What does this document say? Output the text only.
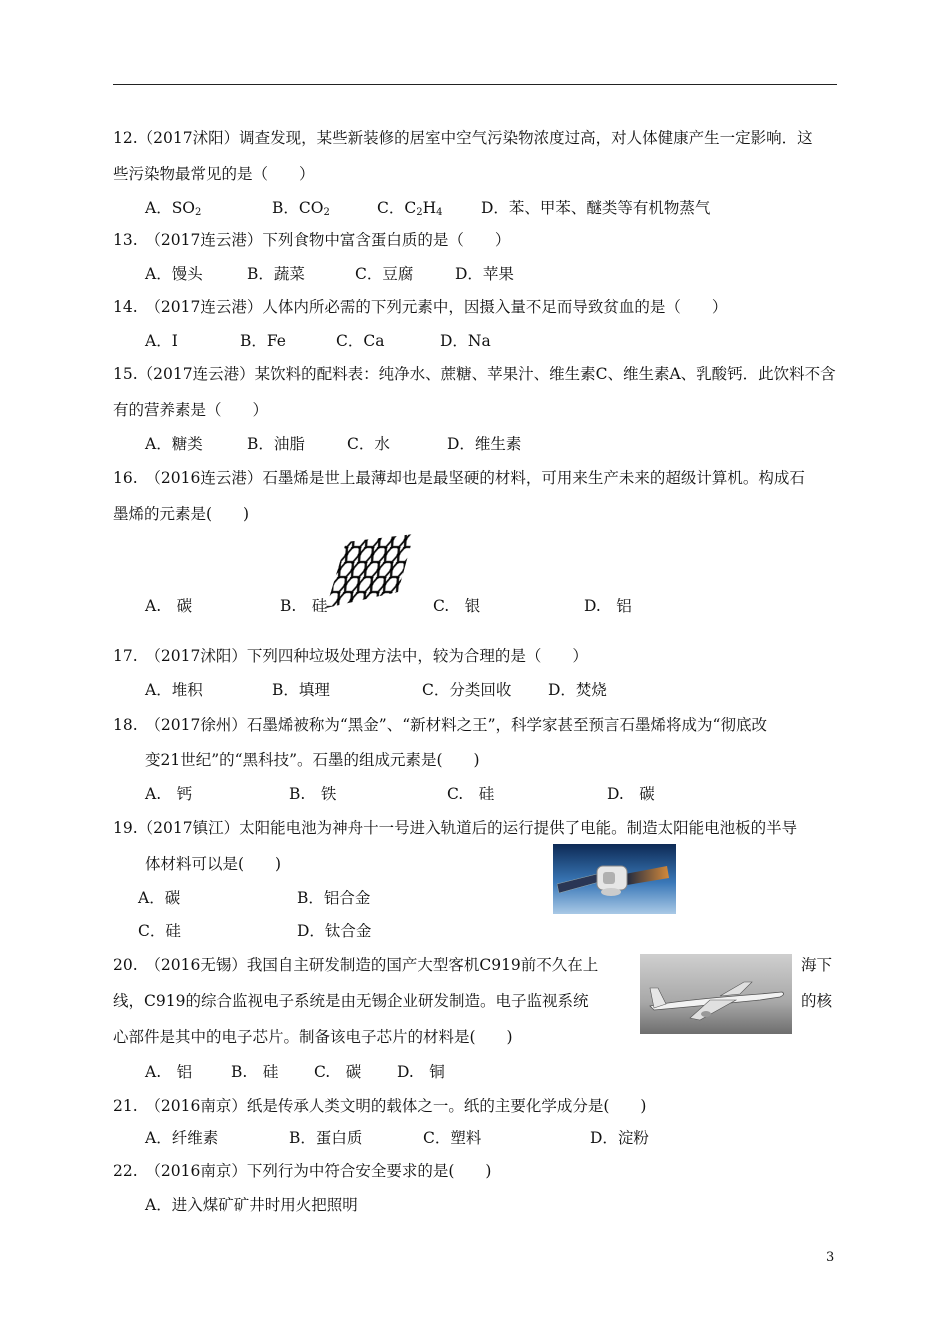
12.（2017沭阳）调查发现，某些新装修的居室中空气污染物浓度过高，对人体健康产生一定影响．这
些污染物最常见的是（　　）
A．$SO_2$	B．$CO_2$	C．$C_2H_4$ D．苯、甲苯、醚类等有机物蒸气
13.　（2017连云港）下列食物中富含蛋白质的是（　　）
A．馒头	B．蔬菜	C．豆腐	D．苹果
14.　（2017连云港）人体内所必需的下列元素中，因摄入量不足而导致贫血的是（　　）
A．I	B．Fe	C．Ca	D．Na
15.（2017连云港）某饮料的配料表：纯净水、蔗糖、苹果汁、维生素C、维生素A、乳酸钙．此饮料不含
有的营养素是（　　）
A．糖类	B．油脂	C．水	D．维生素
16.　（2016连云港）石墨烯是世上最薄却也是最坚硬的材料，可用来生产未来的超级计算机。构成石
墨烯的元素是(　　)
A.　碳	B.　硅	C.　银	D.　铝
17.　（2017沭阳）下列四种垃圾处理方法中，较为合理的是（　　）
A．堆积	B．填理	C．分类回收 D．焚烧
18.　（2017徐州）石墨烯被称为“黑金”、“新材料之王”，科学家甚至预言石墨烯将成为“彻底改
变21世纪”的“黑科技”。石墨的组成元素是(　　)
A.　钙	B.　铁	C.　硅	D.　碳
19.（2017镇江）太阳能电池为神舟十一号进入轨道后的运行提供了电能。制造太阳能电池板的半导
体材料可以是(　　)
A．碳	B．铝合金
C．硅	D．钛合金
20.　（2016无锡）我国自主研发制造的国产大型客机C919前不久在上	海下
线，C919的综合监视电子系统是由无锡企业研发制造。电子监视系统	的核
心部件是其中的电子芯片。制备该电子芯片的材料是(　　)
A.　铝	B.　硅 C.　碳 D.　铜
21.　（2016南京）纸是传承人类文明的载体之一。纸的主要化学成分是(　　)
A．纤维素	B．蛋白质	C．塑料	D．淀粉
22.　（2016南京）下列行为中符合安全要求的是(　　)
A．进入煤矿矿井时用火把照明
3
